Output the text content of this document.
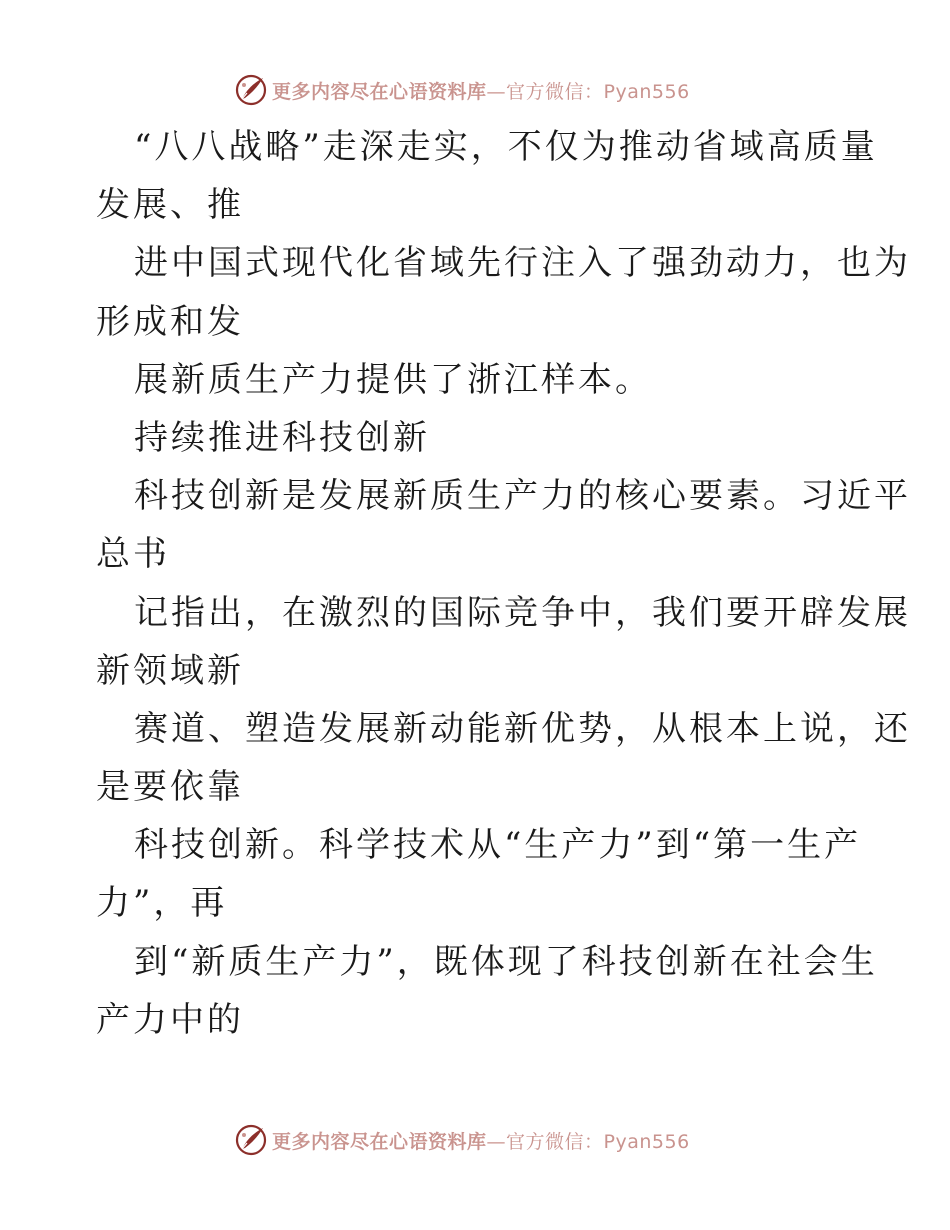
更多内容尽在心语资料库—官方微信：Pyan556
“八八战略”走深走实，不仅为推动省域高质量
发展、推
进中国式现代化省域先行注入了强劲动力，也为
形成和发
展新质生产力提供了浙江样本。
持续推进科技创新
科技创新是发展新质生产力的核心要素。习近平
总书
记指出，在激烈的国际竞争中，我们要开辟发展
新领域新
赛道、塑造发展新动能新优势，从根本上说，还
是要依靠
科技创新。科学技术从“生产力”到“第一生产
力”，再
到“新质生产力”，既体现了科技创新在社会生
产力中的
更多内容尽在心语资料库—官方微信：Pyan556
